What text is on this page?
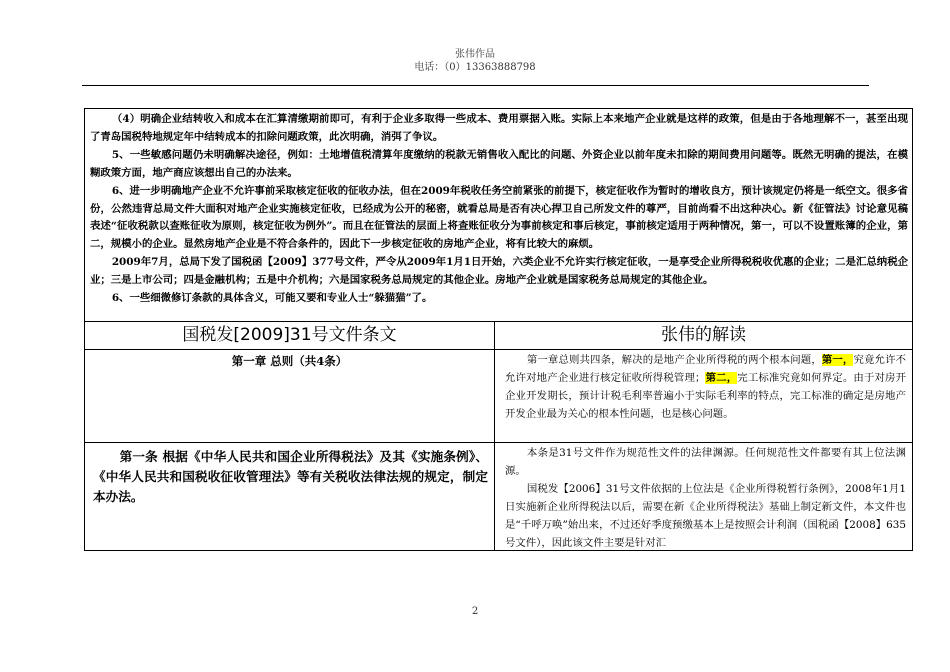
张伟作品
电话：（0）13363888798

（4）明确企业结转收入和成本在汇算清缴期前即可，有利于企业多取得一些成本、费用票据入账。实际上本来地产企业就是这样的政策，但是由于各地理解不一，甚至出现了青岛国税特地规定年中结转成本的扣除问题政策，此次明确，消弭了争议。

5、一些敏感问题仍未明确解决途径，例如：土地增值税清算年度缴纳的税款无销售收入配比的问题、外资企业以前年度未扣除的期间费用问题等。既然无明确的提法，在模糊政策方面，地产商应该想出自己的办法来。

6、进一步明确地产企业不允许事前采取核定征收的征收办法，但在2009年税收任务空前紧张的前提下，核定征收作为暂时的增收良方，预计该规定仍将是一纸空文。很多省份，公然违背总局文件大面积对地产企业实施核定征收，已经成为公开的秘密，就看总局是否有决心捍卫自己所发文件的尊严，目前尚看不出这种决心。新《征管法》讨论意见稿表述“征收税款以查账征收为原则，核定征收为例外”。而且在征管法的层面上将查账征收分为事前核定和事后核定，事前核定适用于两种情况，第一，可以不设置账簿的企业，第二，规模小的企业。显然房地产企业是不符合条件的，因此下一步核定征收的房地产企业，将有比较大的麻烦。

2009年7月，总局下发了国税函【2009】377号文件，严令从2009年1月1日开始，六类企业不允许实行核定征收，一是享受企业所得税税收优惠的企业；二是汇总纳税企业；三是上市公司；四是金融机构；五是中介机构；六是国家税务总局规定的其他企业。房地产企业就是国家税务总局规定的其他企业。

6、一些细微修订条款的具体含义，可能又要和专业人士“躲猫猫”了。

国税发[2009]31号文件条文	张伟的解读
第一章 总则（共4条）	第一章总则共四条，解决的是地产企业所得税的两个根本问题，第一，究竟允许不允许对地产企业进行核定征收所得税管理；第二，完工标准究竟如何界定。由于对房开企业开发期长，预计计税毛利率普遍小于实际毛利率的特点，完工标准的确定是房地产开发企业最为关心的根本性问题，也是核心问题。

第一条 根据《中华人民共和国企业所得税法》及其《实施条例》、《中华人民共和国税收征收管理法》等有关税收法律法规的规定，制定本办法。

本条是31号文件作为规范性文件的法律渊源。任何规范性文件都要有其上位法渊源。

国税发【2006】31号文件依据的上位法是《企业所得税暂行条例》，2008年1月1日实施新企业所得税法以后，需要在新《企业所得税法》基础上制定新文件，本文件也是“千呼万唤”始出来，不过还好季度预缴基本上是按照会计利润（国税函【2008】635号文件），因此该文件主要是针对汇

2
